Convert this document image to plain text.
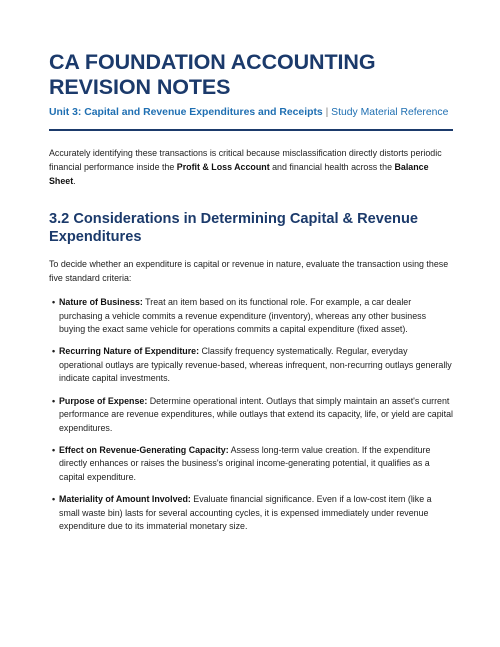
CA FOUNDATION ACCOUNTING REVISION NOTES
Unit 3: Capital and Revenue Expenditures and Receipts | Study Material Reference

Accurately identifying these transactions is critical because misclassification directly distorts periodic financial performance inside the Profit & Loss Account and financial health across the Balance Sheet.

3.2 Considerations in Determining Capital & Revenue Expenditures

To decide whether an expenditure is capital or revenue in nature, evaluate the transaction using these five standard criteria:

• Nature of Business: Treat an item based on its functional role. For example, a car dealer purchasing a vehicle commits a revenue expenditure (inventory), whereas any other business buying the exact same vehicle for operations commits a capital expenditure (fixed asset).
• Recurring Nature of Expenditure: Classify frequency systematically. Regular, everyday operational outlays are typically revenue-based, whereas infrequent, non-recurring outlays generally indicate capital investments.
• Purpose of Expense: Determine operational intent. Outlays that simply maintain an asset's current performance are revenue expenditures, while outlays that extend its capacity, life, or yield are capital expenditures.
• Effect on Revenue-Generating Capacity: Assess long-term value creation. If the expenditure directly enhances or raises the business's original income-generating potential, it qualifies as a capital expenditure.
• Materiality of Amount Involved: Evaluate financial significance. Even if a low-cost item (like a small waste bin) lasts for several accounting cycles, it is expensed immediately under revenue expenditure due to its immaterial monetary size.
